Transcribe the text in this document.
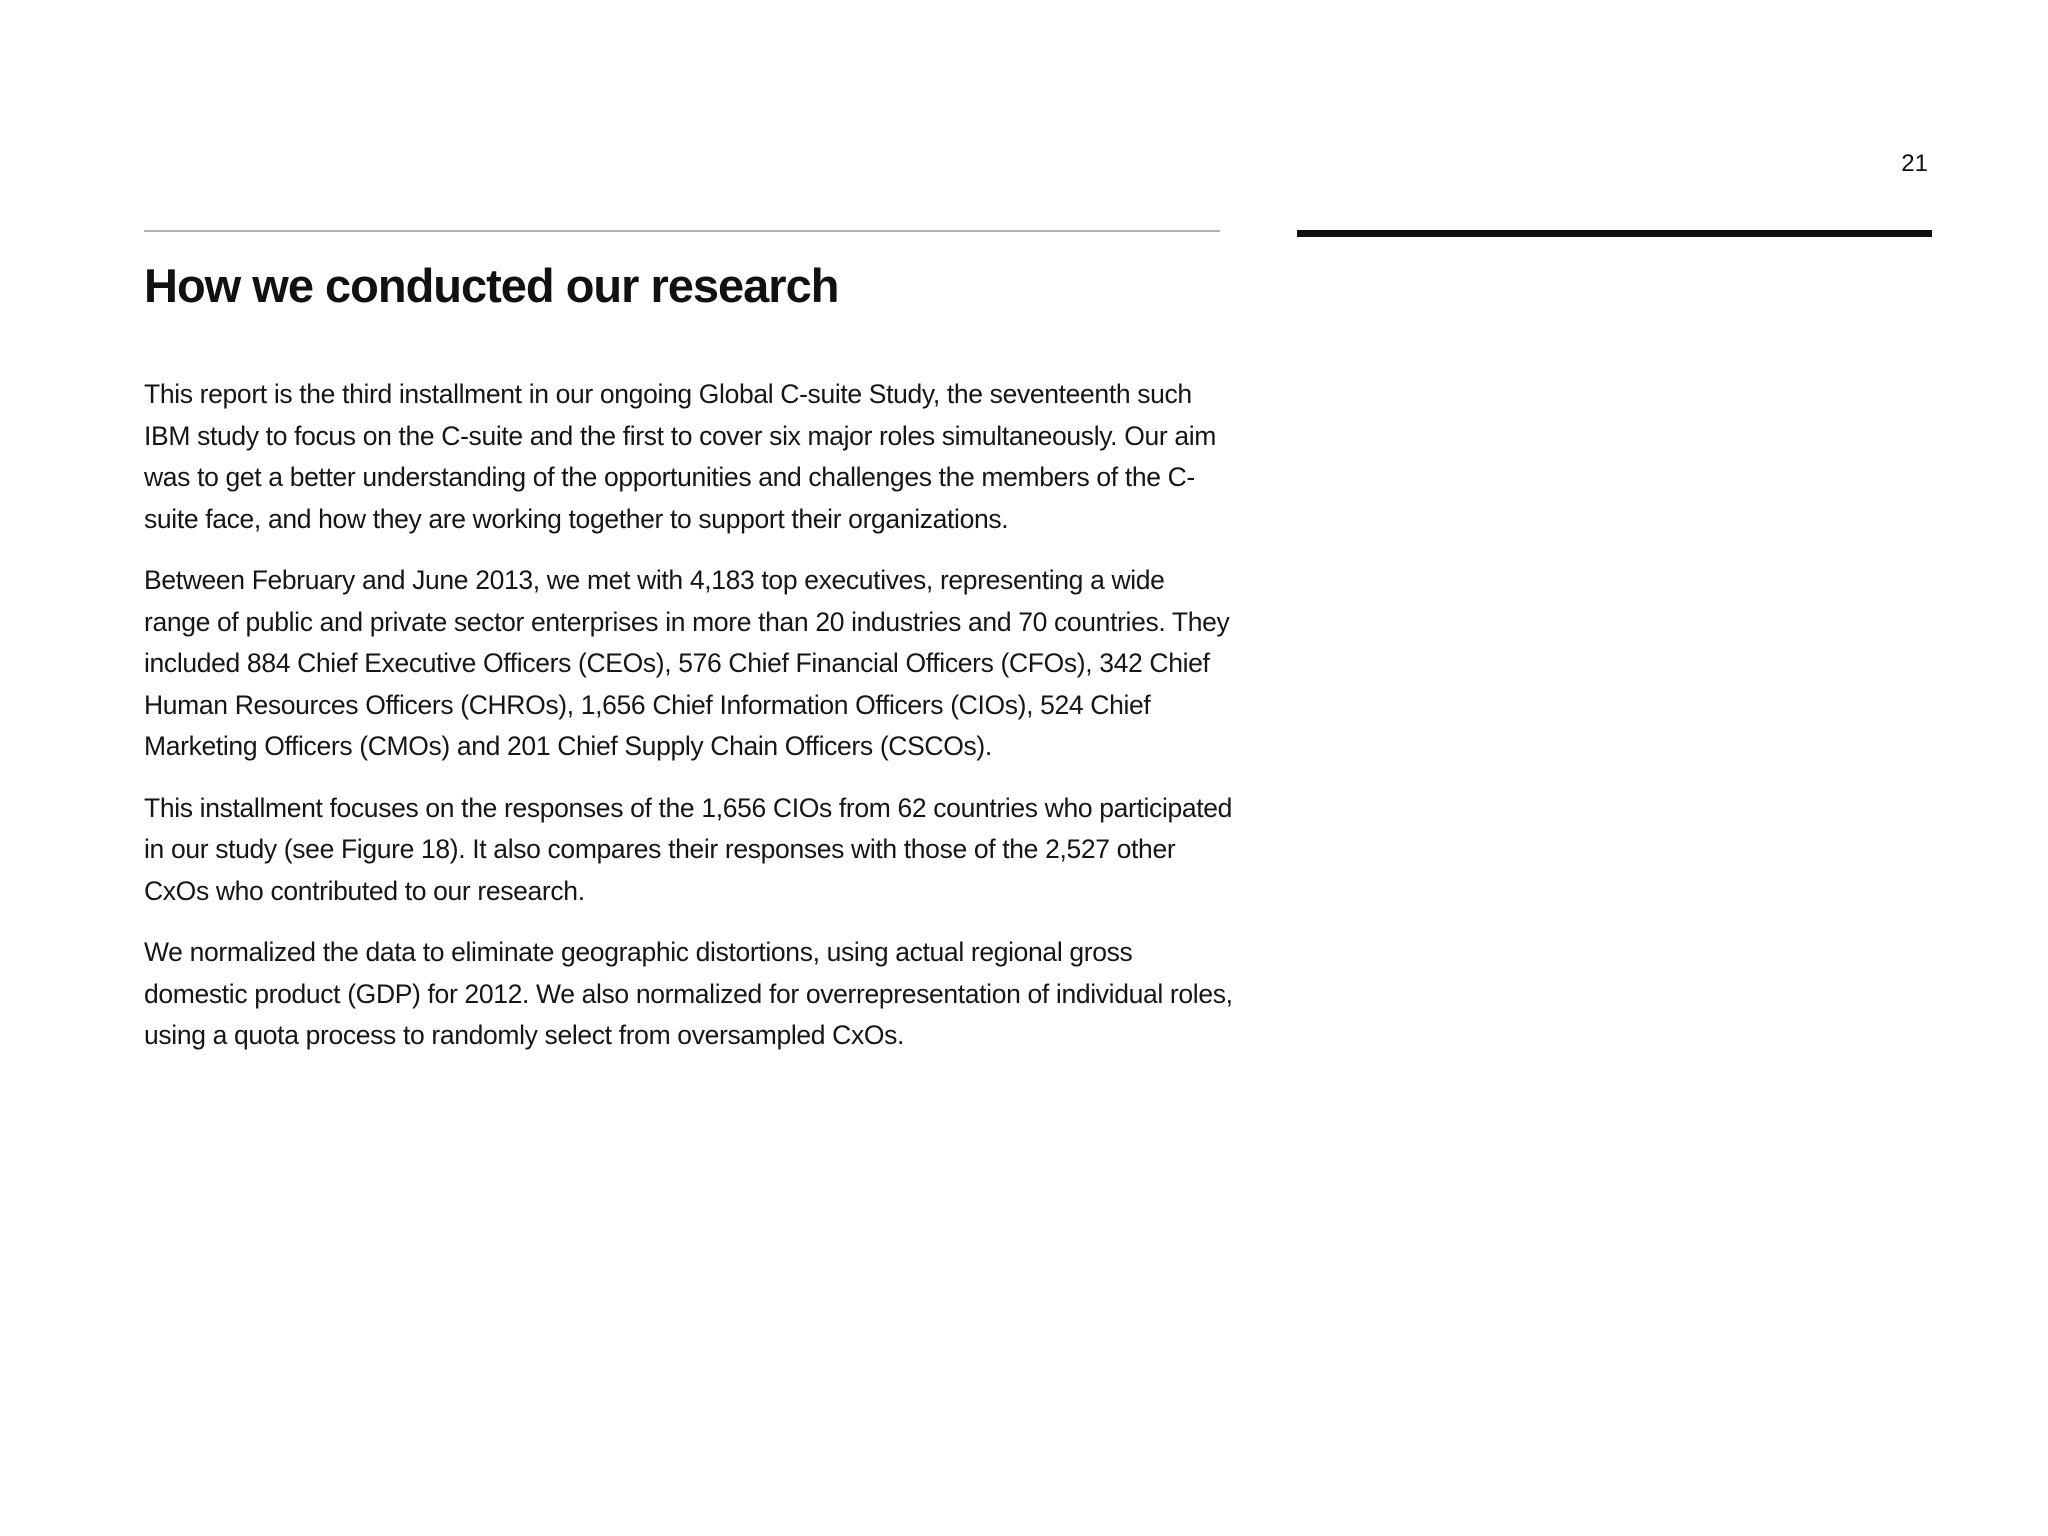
21
How we conducted our research

This report is the third installment in our ongoing Global C-suite Study, the seventeenth such IBM study to focus on the C-suite and the first to cover six major roles simultaneously. Our aim was to get a better understanding of the opportunities and challenges the members of the C-suite face, and how they are working together to support their organizations.

Between February and June 2013, we met with 4,183 top executives, representing a wide range of public and private sector enterprises in more than 20 industries and 70 countries. They included 884 Chief Executive Officers (CEOs), 576 Chief Financial Officers (CFOs), 342 Chief Human Resources Officers (CHROs), 1,656 Chief Information Officers (CIOs), 524 Chief Marketing Officers (CMOs) and 201 Chief Supply Chain Officers (CSCOs).

This installment focuses on the responses of the 1,656 CIOs from 62 countries who participated in our study (see Figure 18). It also compares their responses with those of the 2,527 other CxOs who contributed to our research.

We normalized the data to eliminate geographic distortions, using actual regional gross domestic product (GDP) for 2012. We also normalized for overrepresentation of individual roles, using a quota process to randomly select from oversampled CxOs.
